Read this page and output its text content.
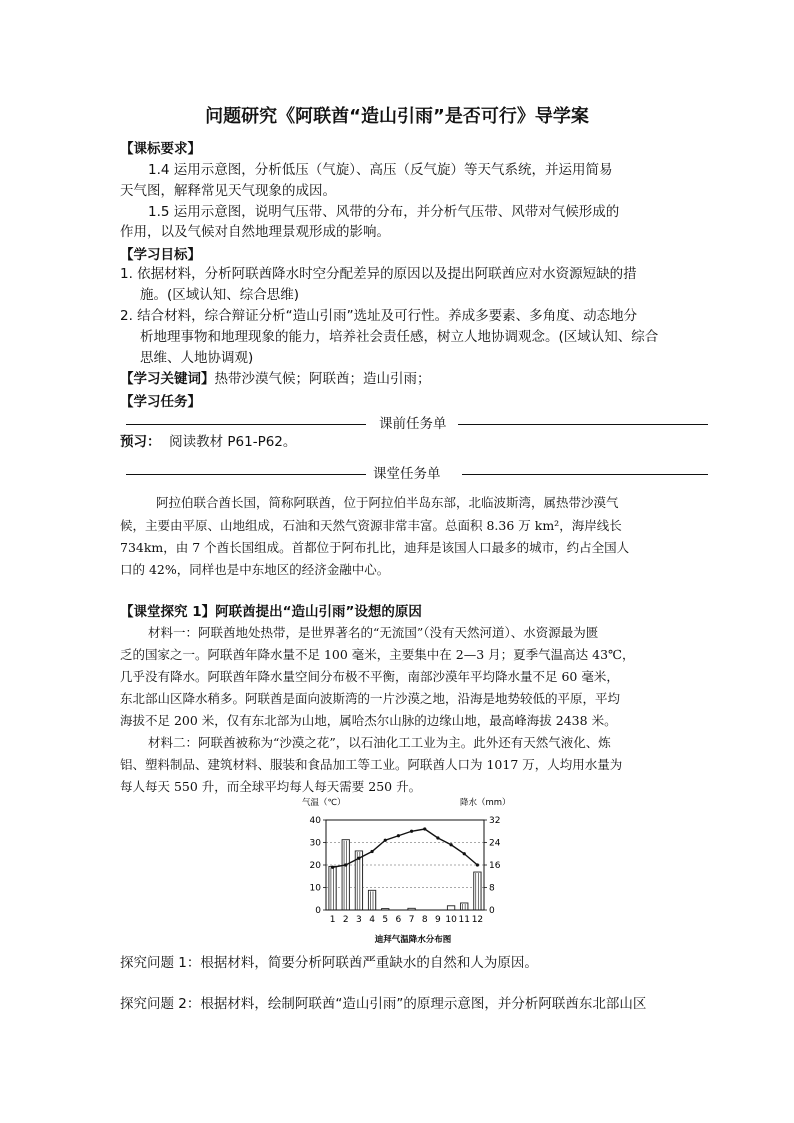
问题研究《阿联酋“造山引雨”是否可行》导学案
【课标要求】
1.4 运用示意图，分析低压（气旋）、高压（反气旋）等天气系统，并运用简易
天气图，解释常见天气现象的成因。
1.5 运用示意图，说明气压带、风带的分布，并分析气压带、风带对气候形成的
作用，以及气候对自然地理景观形成的影响。
【学习目标】
1. 依据材料，分析阿联酋降水时空分配差异的原因以及提出阿联酋应对水资源短缺的措
施。(区域认知、综合思维)
2. 结合材料，综合辩证分析“造山引雨”选址及可行性。养成多要素、多角度、动态地分
析地理事物和地理现象的能力，培养社会责任感，树立人地协调观念。(区域认知、综合
思维、人地协调观)
【学习关键词】热带沙漠气候；阿联酋；造山引雨；
【学习任务】
课前任务单
预习： 阅读教材 P61-P62。
课堂任务单
阿拉伯联合酋长国，简称阿联酋，位于阿拉伯半岛东部，北临波斯湾，属热带沙漠气
候，主要由平原、山地组成，石油和天然气资源非常丰富。总面积 8.36 万 km²，海岸线长
734km，由 7 个酋长国组成。首都位于阿布扎比，迪拜是该国人口最多的城市，约占全国人
口的 42%，同样也是中东地区的经济金融中心。
【课堂探究 1】阿联酋提出“造山引雨”设想的原因
材料一：阿联酋地处热带，是世界著名的“无流国”（没有天然河道）、水资源最为匮
乏的国家之一。阿联酋年降水量不足 100 毫米，主要集中在 2—3 月；夏季气温高达 43℃，
几乎没有降水。阿联酋年降水量空间分布极不平衡，南部沙漠年平均降水量不足 60 毫米，
东北部山区降水稍多。阿联酋是面向波斯湾的一片沙漠之地，沿海是地势较低的平原，平均
海拔不足 200 米，仅有东北部为山地，属哈杰尔山脉的边缘山地，最高峰海拔 2438 米。
材料二：阿联酋被称为“沙漠之花”，以石油化工工业为主。此外还有天然气液化、炼
铝、塑料制品、建筑材料、服装和食品加工等工业。阿联酋人口为 1017 万，人均用水量为
每人每天 550 升，而全球平均每人每天需要 250 升。
气温（℃）	降水（mm）
0
10
20
30
40
0
8
16
24
32
1 2 3 4 5 6 7 8 9 10 11 12
迪拜气温降水分布图
探究问题 1：根据材料，简要分析阿联酋严重缺水的自然和人为原因。
探究问题 2：根据材料，绘制阿联酋“造山引雨”的原理示意图，并分析阿联酋东北部山区
